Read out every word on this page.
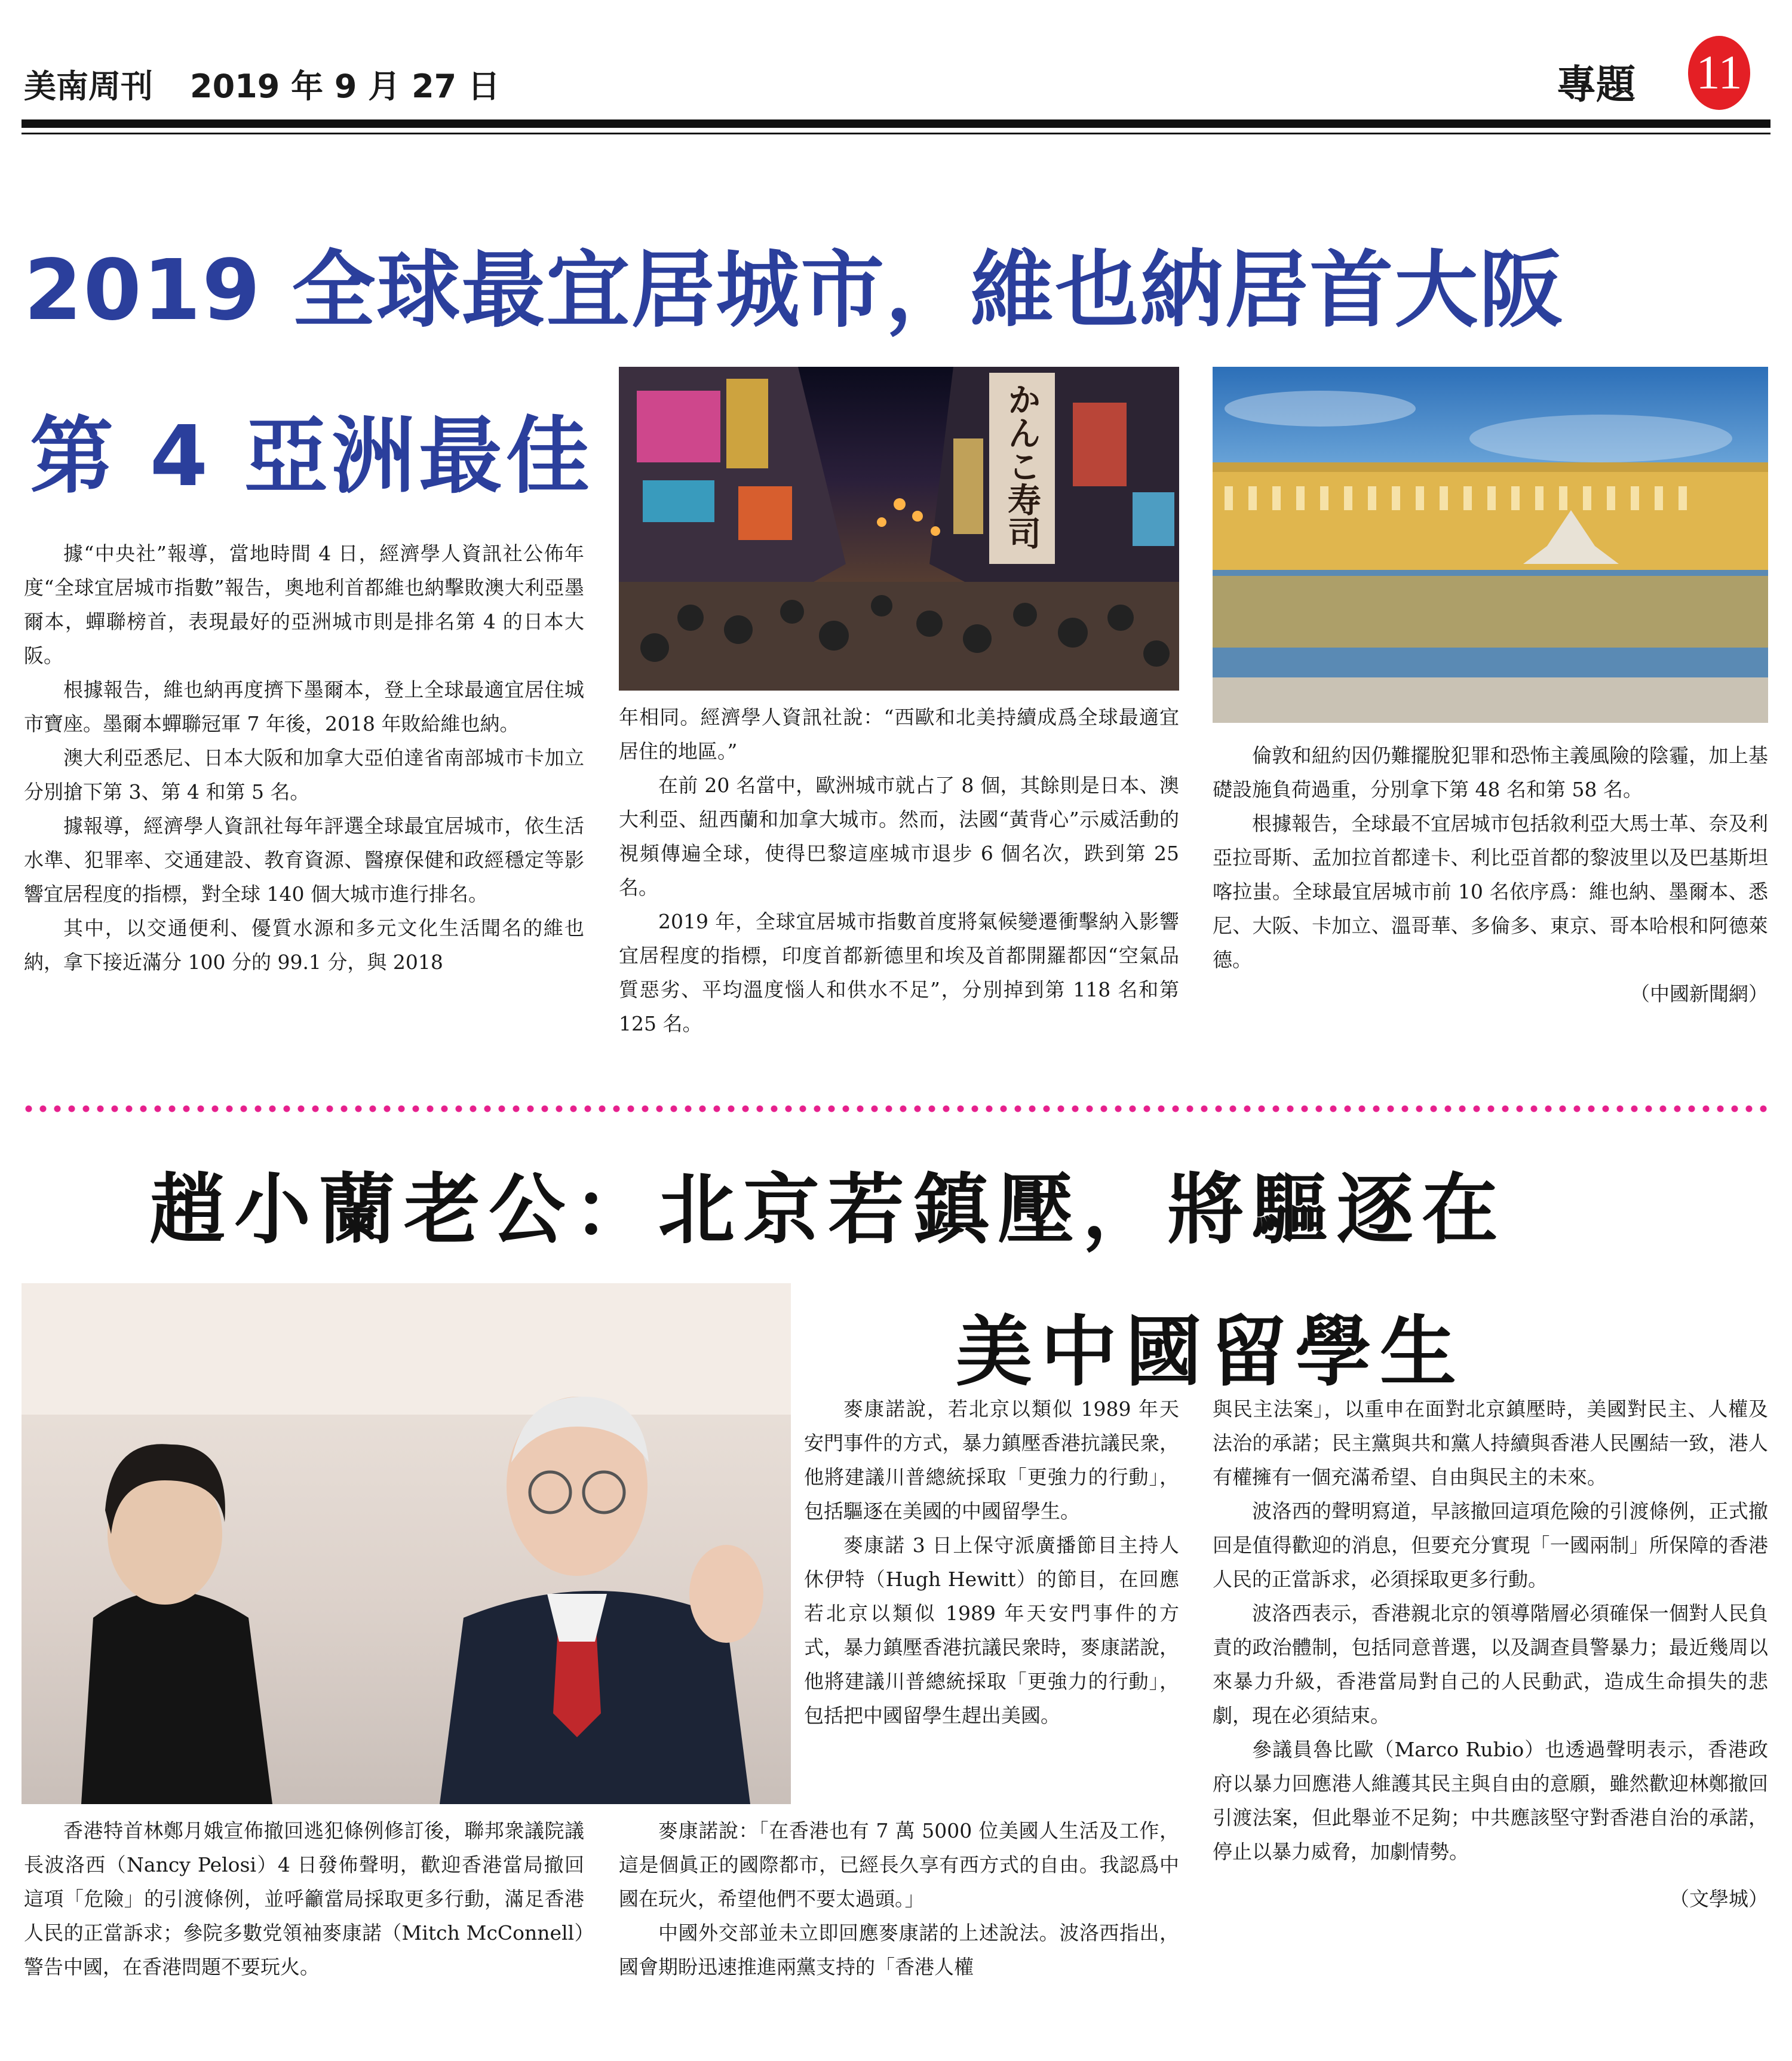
美南周刊 2019 年 9 月 27 日	專題 11
2019 全球最宜居城市，維也納居首大阪
第 4 亞洲最佳

據“中央社”報導，當地時間 4 日，經濟學人資訊社公佈年度“全球宜居城市指數”報告，奧地利首都維也納擊敗澳大利亞墨爾本，蟬聯榜首，表現最好的亞洲城市則是排名第 4 的日本大阪。

根據報告，維也納再度擠下墨爾本，登上全球最適宜居住城市寶座。墨爾本蟬聯冠軍 7 年後，2018 年敗給維也納。

澳大利亞悉尼、日本大阪和加拿大亞伯達省南部城市卡加立分別搶下第 3、第 4 和第 5 名。

據報導，經濟學人資訊社每年評選全球最宜居城市，依生活水準、犯罪率、交通建設、教育資源、醫療保健和政經穩定等影響宜居程度的指標，對全球 140 個大城市進行排名。

其中，以交通便利、優質水源和多元文化生活聞名的維也納，拿下接近滿分 100 分的 99.1 分，與 2018

かんこ寿司

年相同。經濟學人資訊社說：“西歐和北美持續成爲全球最適宜居住的地區。”

在前 20 名當中，歐洲城市就占了 8 個，其餘則是日本、澳大利亞、紐西蘭和加拿大城市。然而，法國“黃背心”示威活動的視頻傳遍全球，使得巴黎這座城市退步 6 個名次，跌到第 25 名。

2019 年，全球宜居城市指數首度將氣候變遷衝擊納入影響宜居程度的指標，印度首都新德里和埃及首都開羅都因“空氣品質惡劣、平均溫度惱人和供水不足”，分別掉到第 118 名和第 125 名。

倫敦和紐約因仍難擺脫犯罪和恐怖主義風險的陰霾，加上基礎設施負荷過重，分別拿下第 48 名和第 58 名。

根據報告，全球最不宜居城市包括敘利亞大馬士革、奈及利亞拉哥斯、孟加拉首都達卡、利比亞首都的黎波里以及巴基斯坦喀拉蚩。全球最宜居城市前 10 名依序爲：維也納、墨爾本、悉尼、大阪、卡加立、溫哥華、多倫多、東京、哥本哈根和阿德萊德。

（中國新聞網）
趙小蘭老公：北京若鎮壓，將驅逐在
美中國留學生

香港特首林鄭月娥宣佈撤回逃犯條例修訂後，聯邦衆議院議長波洛西（Nancy Pelosi）4 日發佈聲明，歡迎香港當局撤回這項「危險」的引渡條例，並呼籲當局採取更多行動，滿足香港人民的正當訴求；參院多數党領袖麥康諾（Mitch McConnell）警告中國，在香港問題不要玩火。

麥康諾說，若北京以類似 1989 年天安門事件的方式，暴力鎮壓香港抗議民衆，他將建議川普總統採取「更強力的行動」，包括驅逐在美國的中國留學生。

麥康諾 3 日上保守派廣播節目主持人休伊特（Hugh Hewitt）的節目，在回應若北京以類似 1989 年天安門事件的方式，暴力鎮壓香港抗議民衆時，麥康諾說，他將建議川普總統採取「更強力的行動」，包括把中國留學生趕出美國。

麥康諾說：「在香港也有 7 萬 5000 位美國人生活及工作，這是個眞正的國際都市，已經長久享有西方式的自由。我認爲中國在玩火，希望他們不要太過頭。」

中國外交部並未立即回應麥康諾的上述說法。波洛西指出，國會期盼迅速推進兩黨支持的「香港人權

與民主法案」，以重申在面對北京鎮壓時，美國對民主、人權及法治的承諾；民主黨與共和黨人持續與香港人民團結一致，港人有權擁有一個充滿希望、自由與民主的未來。

波洛西的聲明寫道，早該撤回這項危險的引渡條例，正式撤回是值得歡迎的消息，但要充分實現「一國兩制」所保障的香港人民的正當訴求，必須採取更多行動。

波洛西表示，香港親北京的領導階層必須確保一個對人民負責的政治體制，包括同意普選，以及調查員警暴力；最近幾周以來暴力升級，香港當局對自己的人民動武，造成生命損失的悲劇，現在必須結束。

參議員魯比歐（Marco Rubio）也透過聲明表示，香港政府以暴力回應港人維護其民主與自由的意願，雖然歡迎林鄭撤回引渡法案，但此舉並不足夠；中共應該堅守對香港自治的承諾，停止以暴力威脅，加劇情勢。

（文學城）
